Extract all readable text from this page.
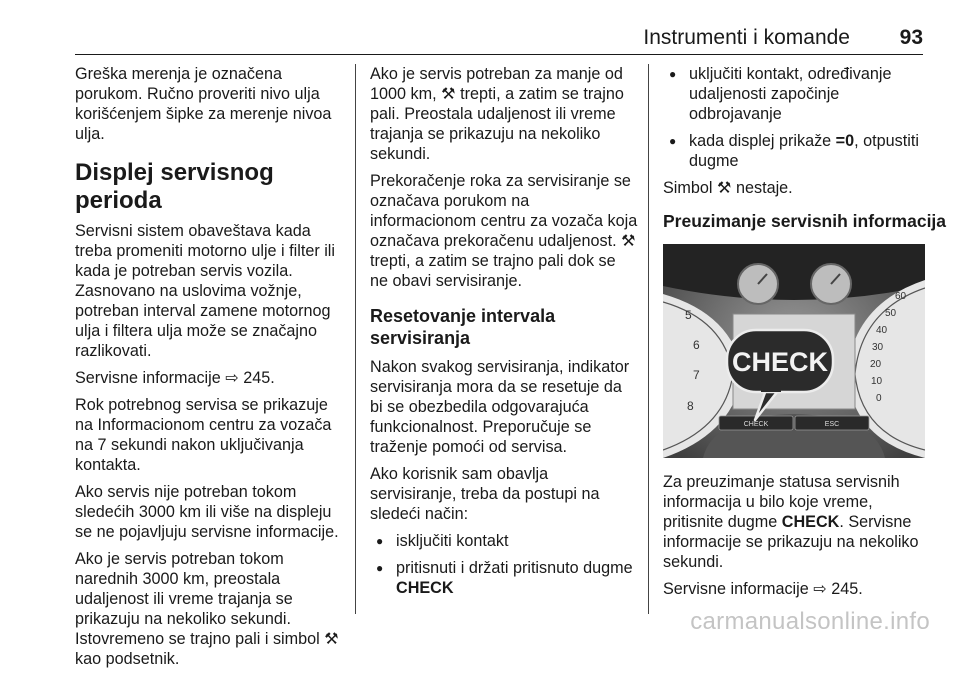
Instrumenti i komande 93

Greška merenja je označena porukom. Ručno proveriti nivo ulja korišćenjem šipke za merenje nivoa ulja.

Displej servisnog perioda

Servisni sistem obaveštava kada treba promeniti motorno ulje i filter ili kada je potreban servis vozila. Zasnovano na uslovima vožnje, potreban interval zamene motornog ulja i filtera ulja može se značajno razlikovati.

Servisne informacije ⇨ 245.

Rok potrebnog servisa se prikazuje na Informacionom centru za vozača na 7 sekundi nakon uključivanja kontakta.

Ako servis nije potreban tokom sledećih 3000 km ili više na displeju se ne pojavljuju servisne informacije.

Ako je servis potreban tokom narednih 3000 km, preostala udaljenost ili vreme trajanja se prikazuju na nekoliko sekundi. Istovremeno se trajno pali i simbol ⚒ kao podsetnik.

Ako je servis potreban za manje od 1000 km, ⚒ trepti, a zatim se trajno pali. Preostala udaljenost ili vreme trajanja se prikazuju na nekoliko sekundi.

Prekoračenje roka za servisiranje se označava porukom na informacionom centru za vozača koja označava prekoračenu udaljenost. ⚒ trepti, a zatim se trajno pali dok se ne obavi servisiranje.

Resetovanje intervala servisiranja

Nakon svakog servisiranja, indikator servisiranja mora da se resetuje da bi se obezbedila odgovarajuća funkcionalnost. Preporučuje se traženje pomoći od servisa.

Ako korisnik sam obavlja servisiranje, treba da postupi na sledeći način:

● isključiti kontakt
● pritisnuti i držati pritisnuto dugme
CHECK
● uključiti kontakt, određivanje udaljenosti započinje odbrojavanje
● kada displej prikaže =0, otpustiti dugme

Simbol ⚒ nestaje.

Preuzimanje servisnih informacija
5
6
7
8
60
50
40
30
20
10
0
CHECK	ESC
CHECK

Za preuzimanje statusa servisnih informacija u bilo koje vreme, pritisnite dugme CHECK. Servisne informacije se prikazuju na nekoliko sekundi.

Servisne informacije ⇨ 245.

carmanualsonline.info
